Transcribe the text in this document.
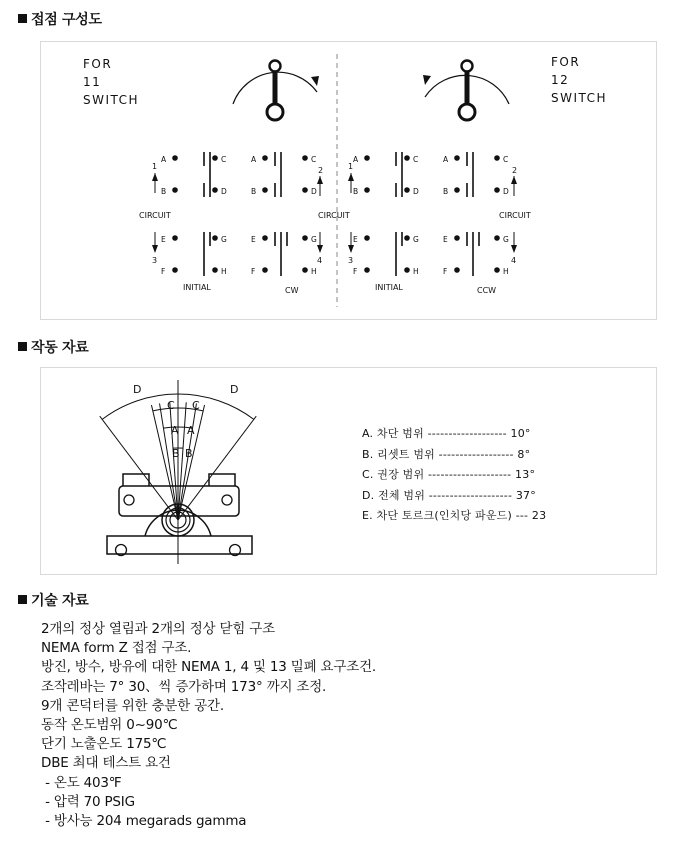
접점 구성도
FOR
11
SWITCH
FOR
12
SWITCH
A	C
B	D
A	C
B	D
E	G
F	H
E	G
F	H
INITIAL	CW
A	C
B	D
A	C
B	D
E	G
F	H
E	G
F	H
INITIAL	CCW
1
CIRCUIT
3
2
CIRCUIT
4
1
3
2
CIRCUIT
4
작동 자료
D	D
C C
A A
B B
A. 차단 범위 ------------------- 10°
B. 리셋트 범위 ------------------ 8°
C. 권장 범위 -------------------- 13°
D. 전체 범위 -------------------- 37°
E. 차단 토르크(인치당 파운드) --- 23
기술 자료
2개의 정상 열림과 2개의 정상 닫힘 구조
NEMA form Z 접점 구조.
방진, 방수, 방유에 대한 NEMA 1, 4 및 13 밀폐 요구조건.
조작레바는 7° 30、씩 증가하며 173° 까지 조정.
9개 콘덕터를 위한 충분한 공간.
동작 온도범위 0~90℃
단기 노출온도 175℃
DBE 최대 테스트 요건
- 온도 403℉
- 압력 70 PSIG
- 방사능 204 megarads gamma
